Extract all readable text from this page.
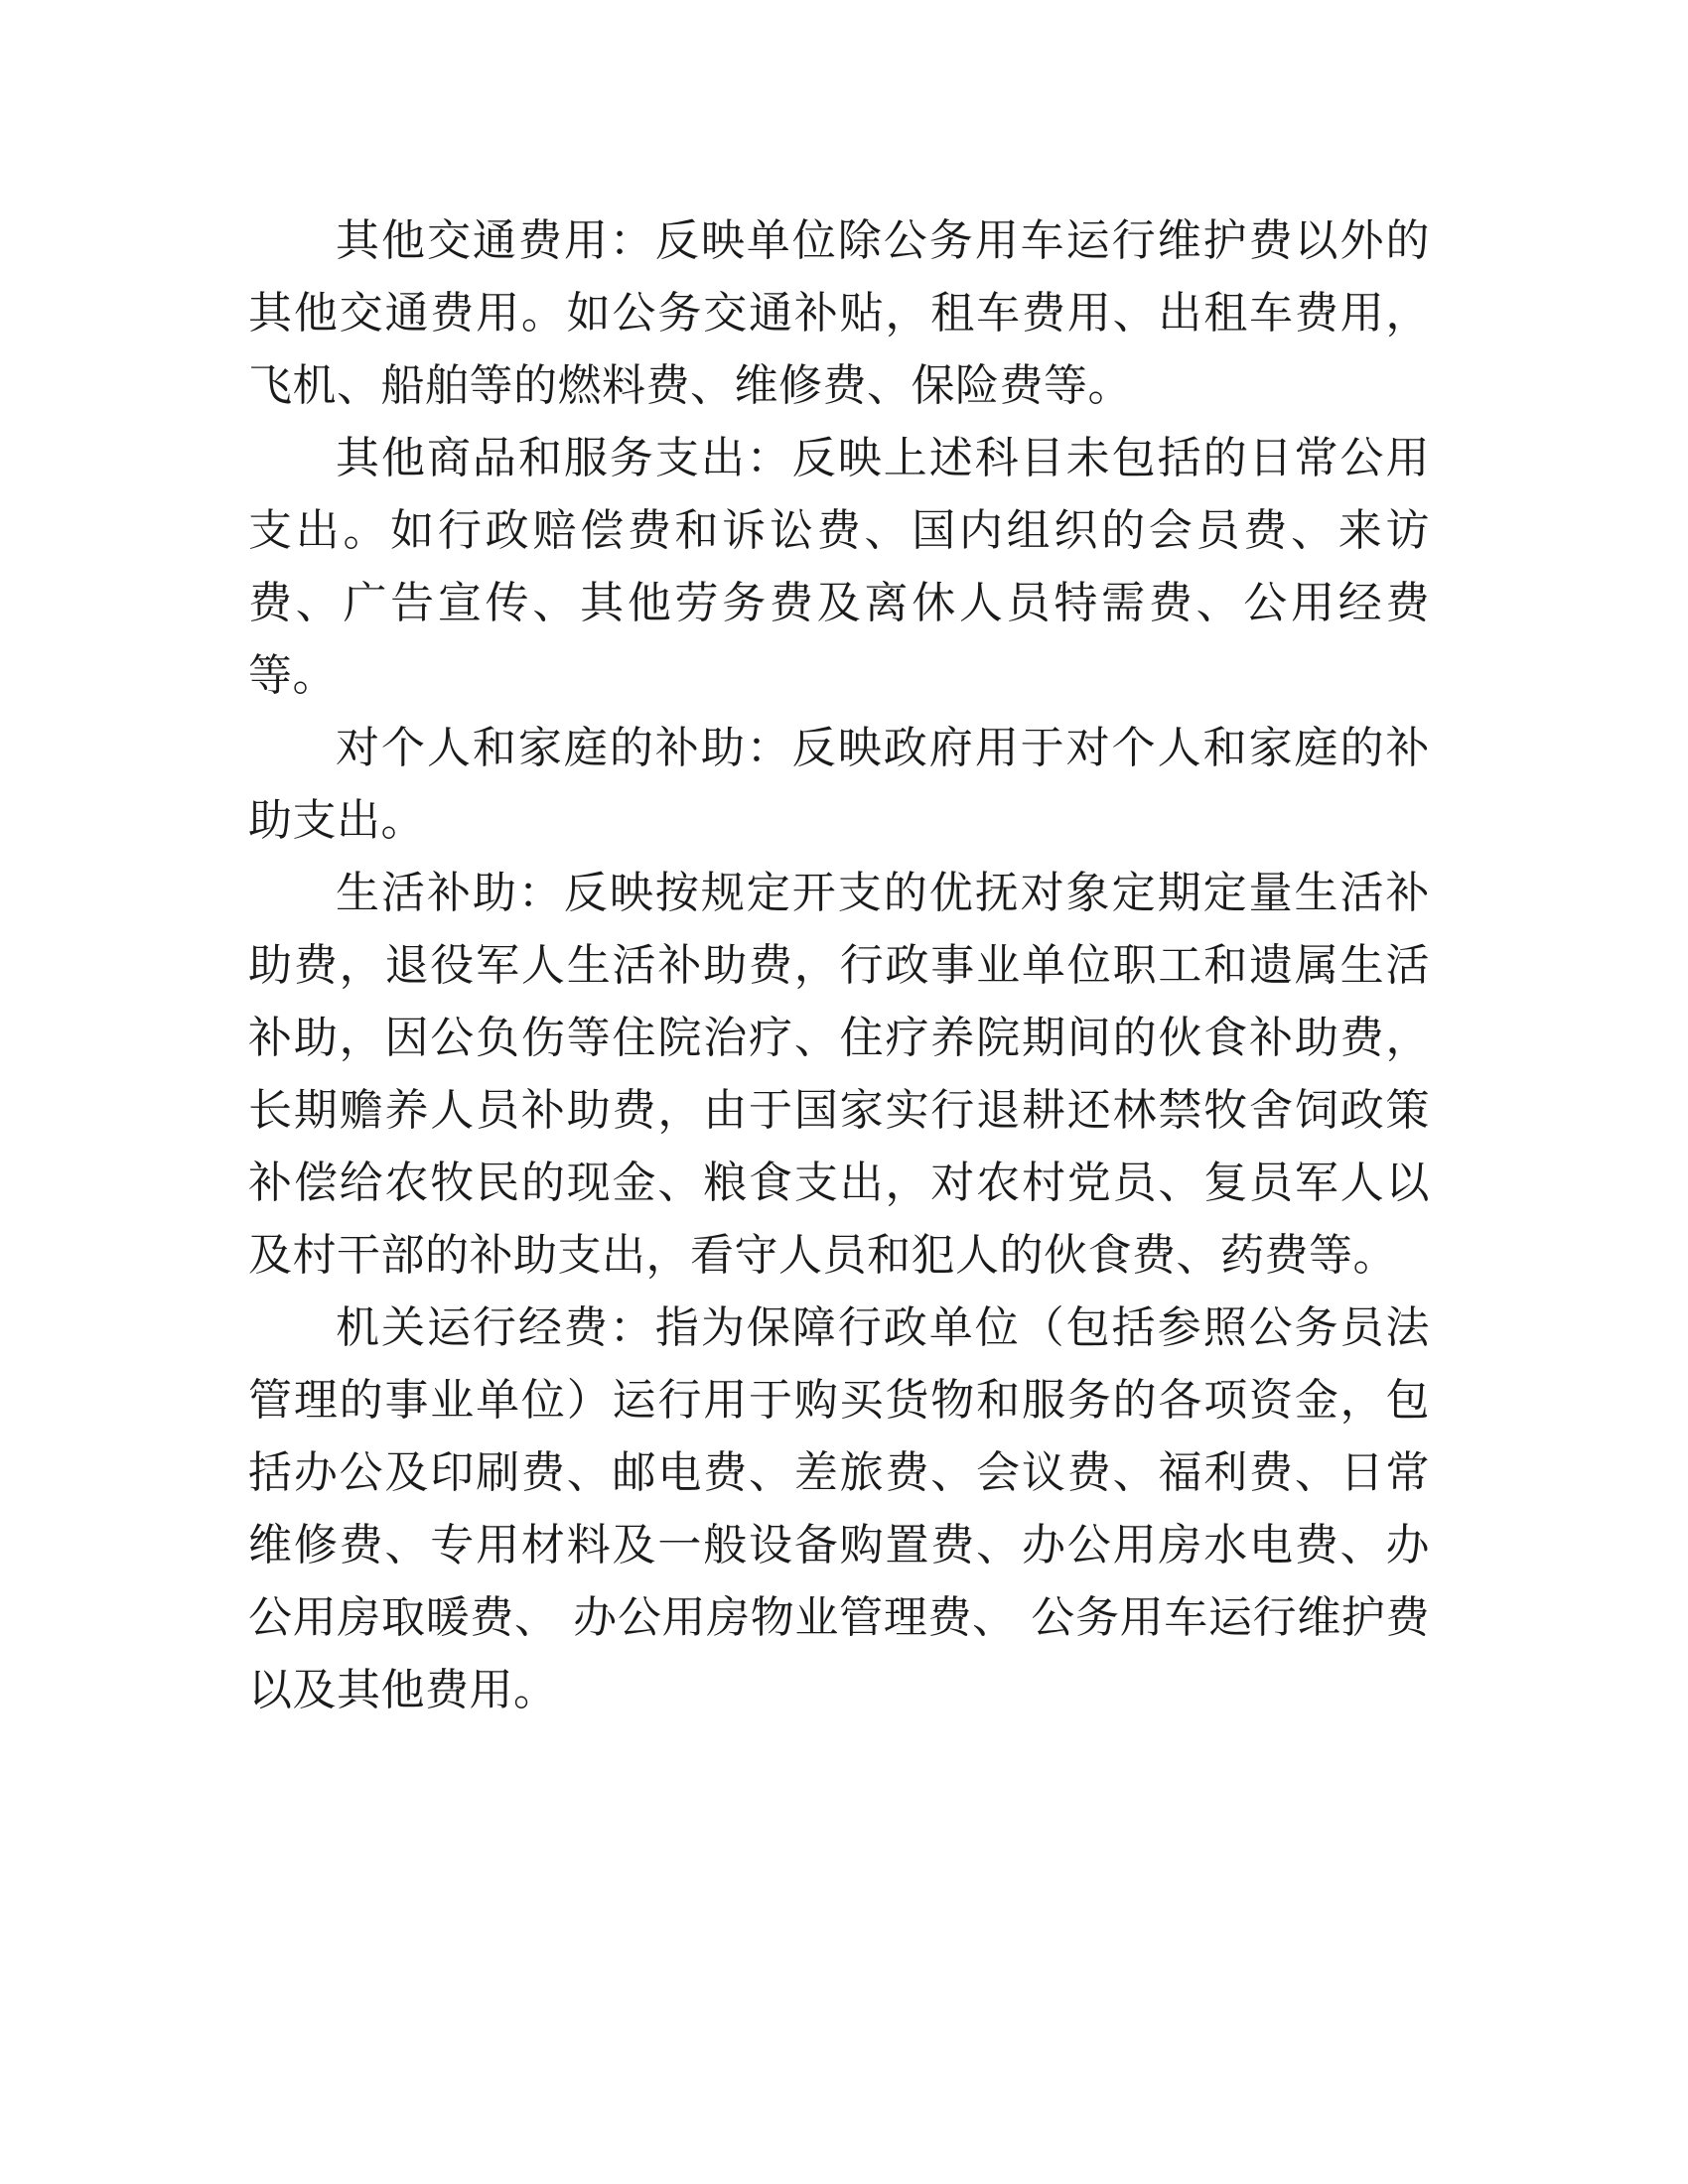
其他交通费用：反映单位除公务用车运行维护费以外的其他交通费用。如公务交通补贴，租车费用、出租车费用，飞机、船舶等的燃料费、维修费、保险费等。

其他商品和服务支出：反映上述科目未包括的日常公用支出。如行政赔偿费和诉讼费、国内组织的会员费、来访费、广告宣传、其他劳务费及离休人员特需费、公用经费等。

对个人和家庭的补助：反映政府用于对个人和家庭的补助支出。

生活补助：反映按规定开支的优抚对象定期定量生活补助费，退役军人生活补助费，行政事业单位职工和遗属生活补助，因公负伤等住院治疗、住疗养院期间的伙食补助费，长期赡养人员补助费，由于国家实行退耕还林禁牧舍饲政策补偿给农牧民的现金、粮食支出，对农村党员、复员军人以及村干部的补助支出，看守人员和犯人的伙食费、药费等。

机关运行经费：指为保障行政单位（包括参照公务员法管理的事业单位）运行用于购买货物和服务的各项资金，包括办公及印刷费、邮电费、差旅费、会议费、福利费、日常维修费、专用材料及一般设备购置费、办公用房水电费、办公用房取暖费、 办公用房物业管理费、 公务用车运行维护费以及其他费用。
